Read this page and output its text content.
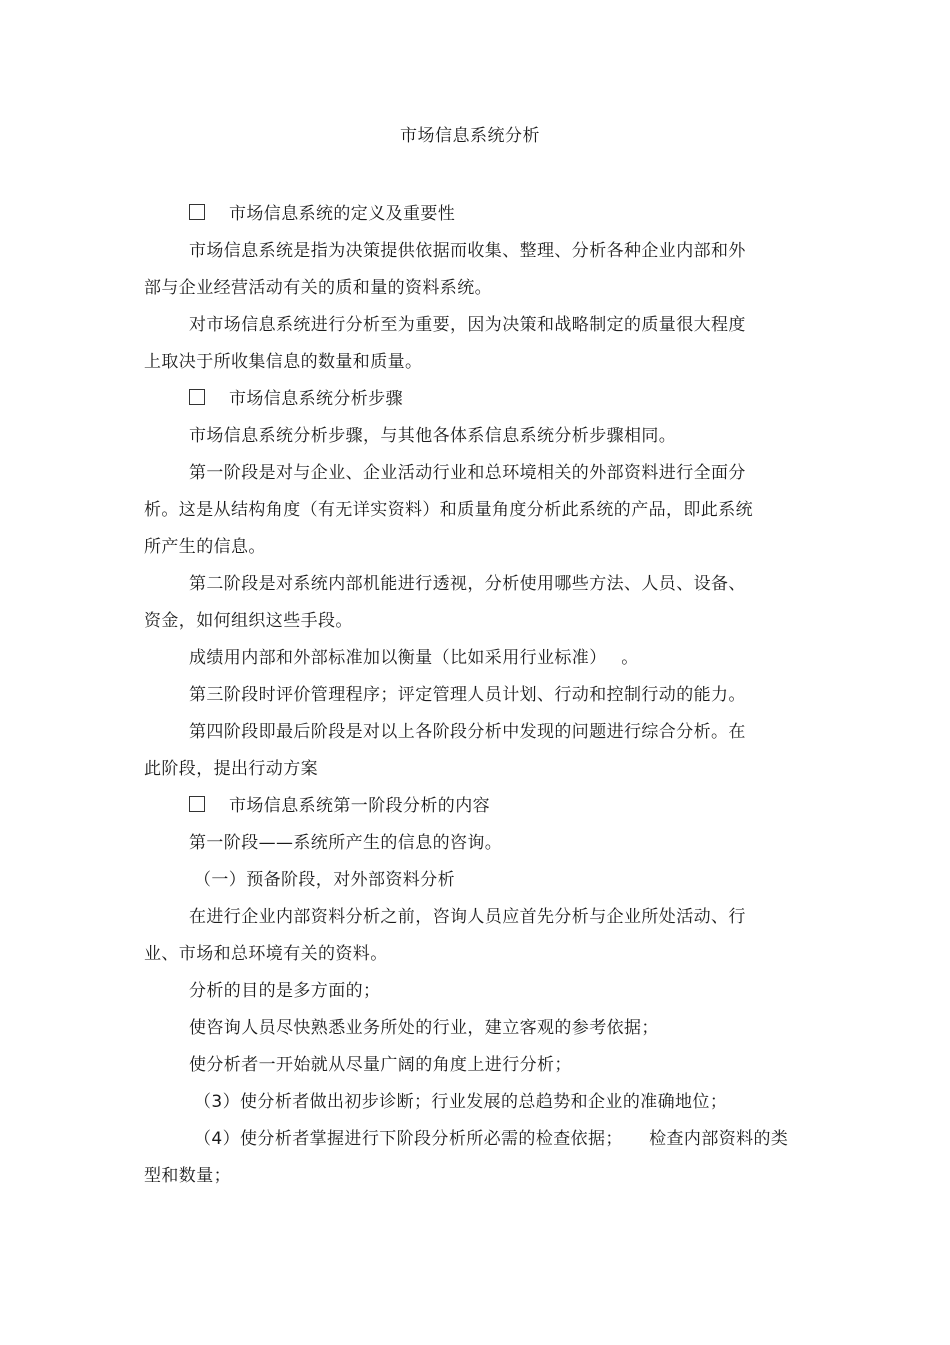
市场信息系统分析

市场信息系统的定义及重要性

市场信息系统是指为决策提供依据而收集、整理、分析各种企业内部和外

部与企业经营活动有关的质和量的资料系统。

对市场信息系统进行分析至为重要，因为决策和战略制定的质量很大程度

上取决于所收集信息的数量和质量。

市场信息系统分析步骤

市场信息系统分析步骤，与其他各体系信息系统分析步骤相同。

第一阶段是对与企业、企业活动行业和总环境相关的外部资料进行全面分

析。这是从结构角度（有无详实资料）和质量角度分析此系统的产品，即此系统

所产生的信息。

第二阶段是对系统内部机能进行透视，分析使用哪些方法、人员、设备、

资金，如何组织这些手段。

成绩用内部和外部标准加以衡量（比如采用行业标准）　 。

第三阶段时评价管理程序；评定管理人员计划、行动和控制行动的能力。

第四阶段即最后阶段是对以上各阶段分析中发现的问题进行综合分析。在

此阶段，提出行动方案

市场信息系统第一阶段分析的内容

第一阶段——系统所产生的信息的咨询。

（一）预备阶段，对外部资料分析

在进行企业内部资料分析之前，咨询人员应首先分析与企业所处活动、行

业、市场和总环境有关的资料。

分析的目的是多方面的；

使咨询人员尽快熟悉业务所处的行业，建立客观的参考依据；

使分析者一开始就从尽量广阔的角度上进行分析；

（3）使分析者做出初步诊断；行业发展的总趋势和企业的准确地位；

（4）使分析者掌握进行下阶段分析所必需的检查依据；　　检查内部资料的类

型和数量；
